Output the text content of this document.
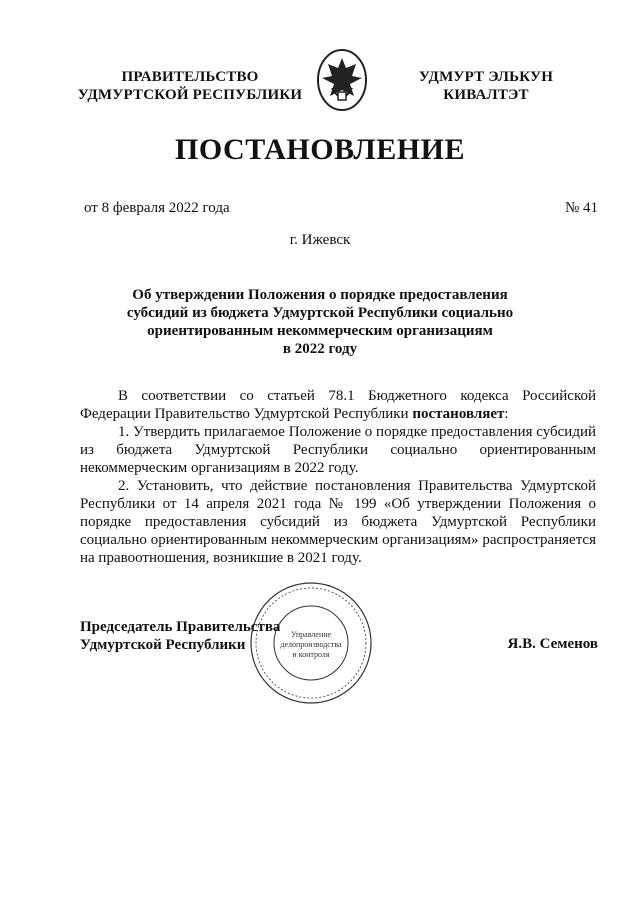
ПРАВИТЕЛЬСТВО
УДМУРТСКОЙ РЕСПУБЛИКИ
УДМУРТ ЭЛЬКУН
КИВАЛТЭТ
ПОСТАНОВЛЕНИЕ
от 8 февраля 2022 года	№ 41
г. Ижевск
Об утверждении Положения о порядке предоставления
субсидий из бюджета Удмуртской Республики социально
ориентированным некоммерческим организациям
в 2022 году

В соответствии со статьей 78.1 Бюджетного кодекса Российской Федерации Правительство Удмуртской Республики постановляет:

1. Утвердить прилагаемое Положение о порядке предоставления субсидий из бюджета Удмуртской Республики социально ориентированным некоммерческим организациям в 2022 году.

2. Установить, что действие постановления Правительства Удмуртской Республики от 14 апреля 2021 года № 199 «Об утверждении Положения о порядке предоставления субсидий из бюджета Удмуртской Республики социально ориентированным некоммерческим организациям» распространяется на правоотношения, возникшие в 2021 году.

Управление
делопроизводства
и контроля
Председатель Правительства
Удмуртской Республики	Я.В. Семенов
